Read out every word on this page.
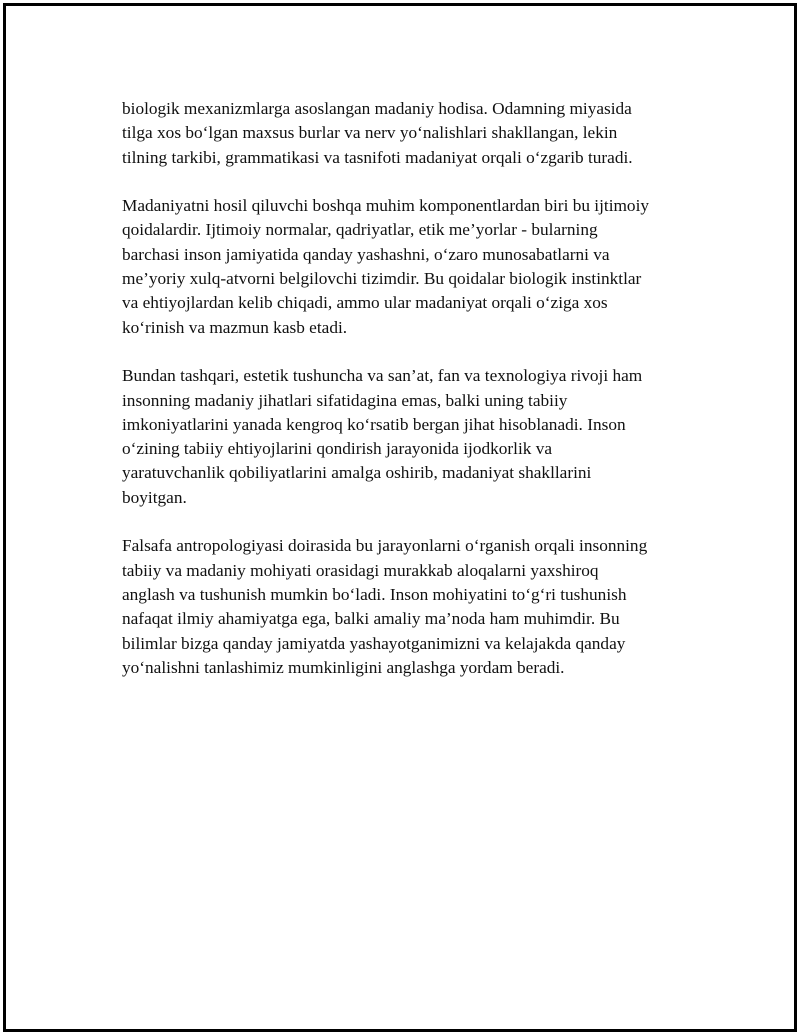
biologik mexanizmlarga asoslangan madaniy hodisa. Odamning miyasida
tilga xos bo‘lgan maxsus burlar va nerv yo‘nalishlari shakllangan, lekin
tilning tarkibi, grammatikasi va tasnifoti madaniyat orqali o‘zgarib turadi.

Madaniyatni hosil qiluvchi boshqa muhim komponentlardan biri bu ijtimoiy
qoidalardir. Ijtimoiy normalar, qadriyatlar, etik me’yorlar - bularning
barchasi inson jamiyatida qanday yashashni, o‘zaro munosabatlarni va
me’yoriy xulq-atvorni belgilovchi tizimdir. Bu qoidalar biologik instinktlar
va ehtiyojlardan kelib chiqadi, ammo ular madaniyat orqali o‘ziga xos
ko‘rinish va mazmun kasb etadi.

Bundan tashqari, estetik tushuncha va san’at, fan va texnologiya rivoji ham
insonning madaniy jihatlari sifatidagina emas, balki uning tabiiy
imkoniyatlarini yanada kengroq ko‘rsatib bergan jihat hisoblanadi. Inson
o‘zining tabiiy ehtiyojlarini qondirish jarayonida ijodkorlik va
yaratuvchanlik qobiliyatlarini amalga oshirib, madaniyat shakllarini
boyitgan.

Falsafa antropologiyasi doirasida bu jarayonlarni o‘rganish orqali insonning
tabiiy va madaniy mohiyati orasidagi murakkab aloqalarni yaxshiroq
anglash va tushunish mumkin bo‘ladi. Inson mohiyatini to‘g‘ri tushunish
nafaqat ilmiy ahamiyatga ega, balki amaliy ma’noda ham muhimdir. Bu
bilimlar bizga qanday jamiyatda yashayotganimizni va kelajakda qanday
yo‘nalishni tanlashimiz mumkinligini anglashga yordam beradi.
